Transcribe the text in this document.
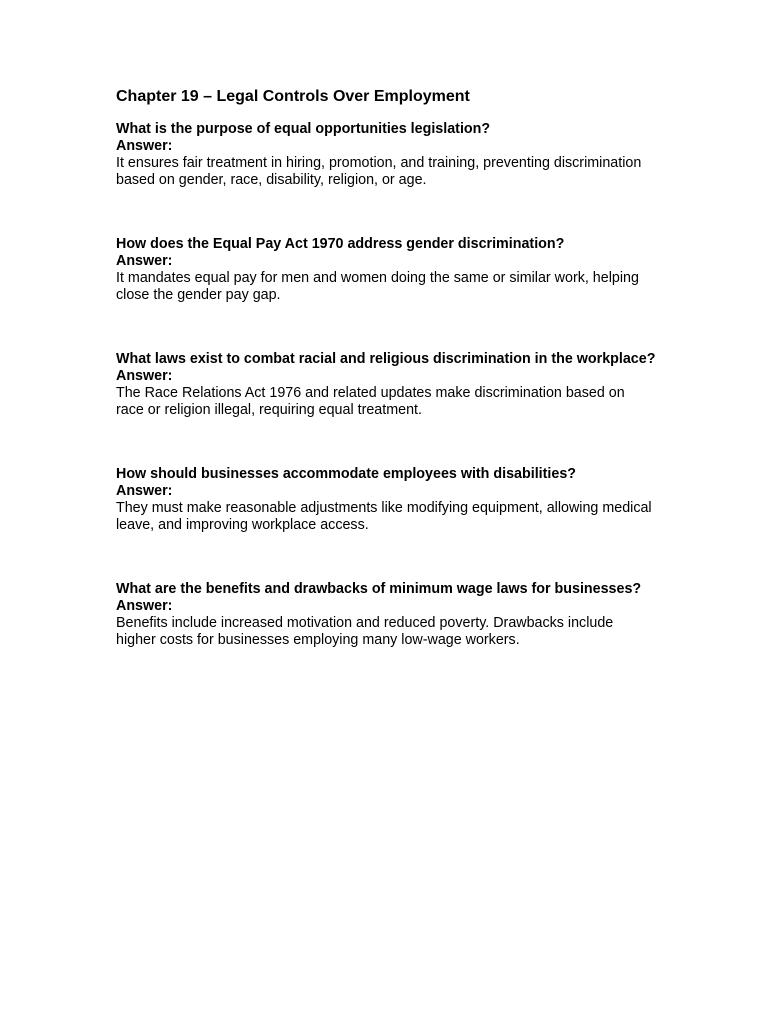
Chapter 19 – Legal Controls Over Employment
What is the purpose of equal opportunities legislation?
Answer:
It ensures fair treatment in hiring, promotion, and training, preventing discrimination based on gender, race, disability, religion, or age.
How does the Equal Pay Act 1970 address gender discrimination?
Answer:
It mandates equal pay for men and women doing the same or similar work, helping close the gender pay gap.
What laws exist to combat racial and religious discrimination in the workplace?
Answer:
The Race Relations Act 1976 and related updates make discrimination based on race or religion illegal, requiring equal treatment.
How should businesses accommodate employees with disabilities?
Answer:
They must make reasonable adjustments like modifying equipment, allowing medical leave, and improving workplace access.
What are the benefits and drawbacks of minimum wage laws for businesses?
Answer:
Benefits include increased motivation and reduced poverty. Drawbacks include higher costs for businesses employing many low-wage workers.
